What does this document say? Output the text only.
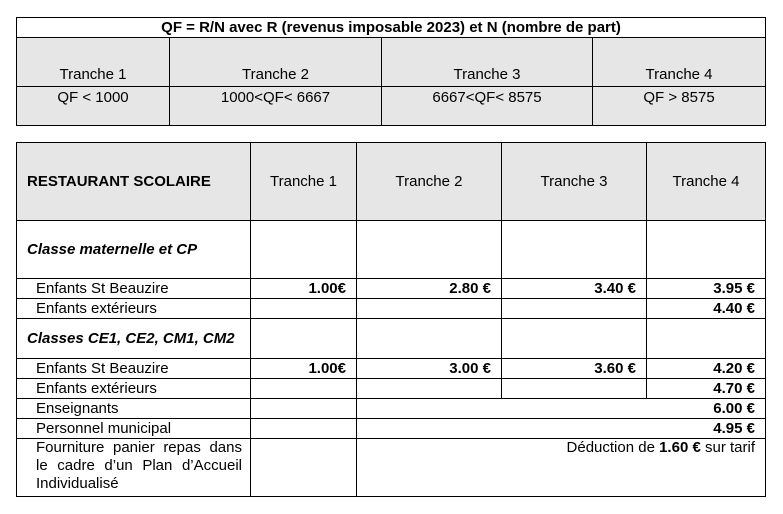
QF = R/N avec R (revenus imposable 2023) et N (nombre de part)			
Tranche 1	Tranche 2	Tranche 3	Tranche 4
QF < 1000	1000<QF< 6667	6667<QF< 8575	QF > 8575
RESTAURANT SCOLAIRE	Tranche 1	Tranche 2	Tranche 3	Tranche 4
Classe maternelle et CP				
Enfants St Beauzire	1.00€	2.80 €	3.40 €	3.95 €
Enfants extérieurs				4.40 €
Classes CE1, CE2, CM1, CM2				
Enfants St Beauzire	1.00€	3.00 €	3.60 €	4.20 €
Enfants extérieurs				4.70 €
Enseignants		6.00 €		
Personnel municipal		4.95 €		
Fourniture panier repas dans le cadre d’un Plan d’Accueil Individualisé		Déduction de 1.60 € sur tarif		
